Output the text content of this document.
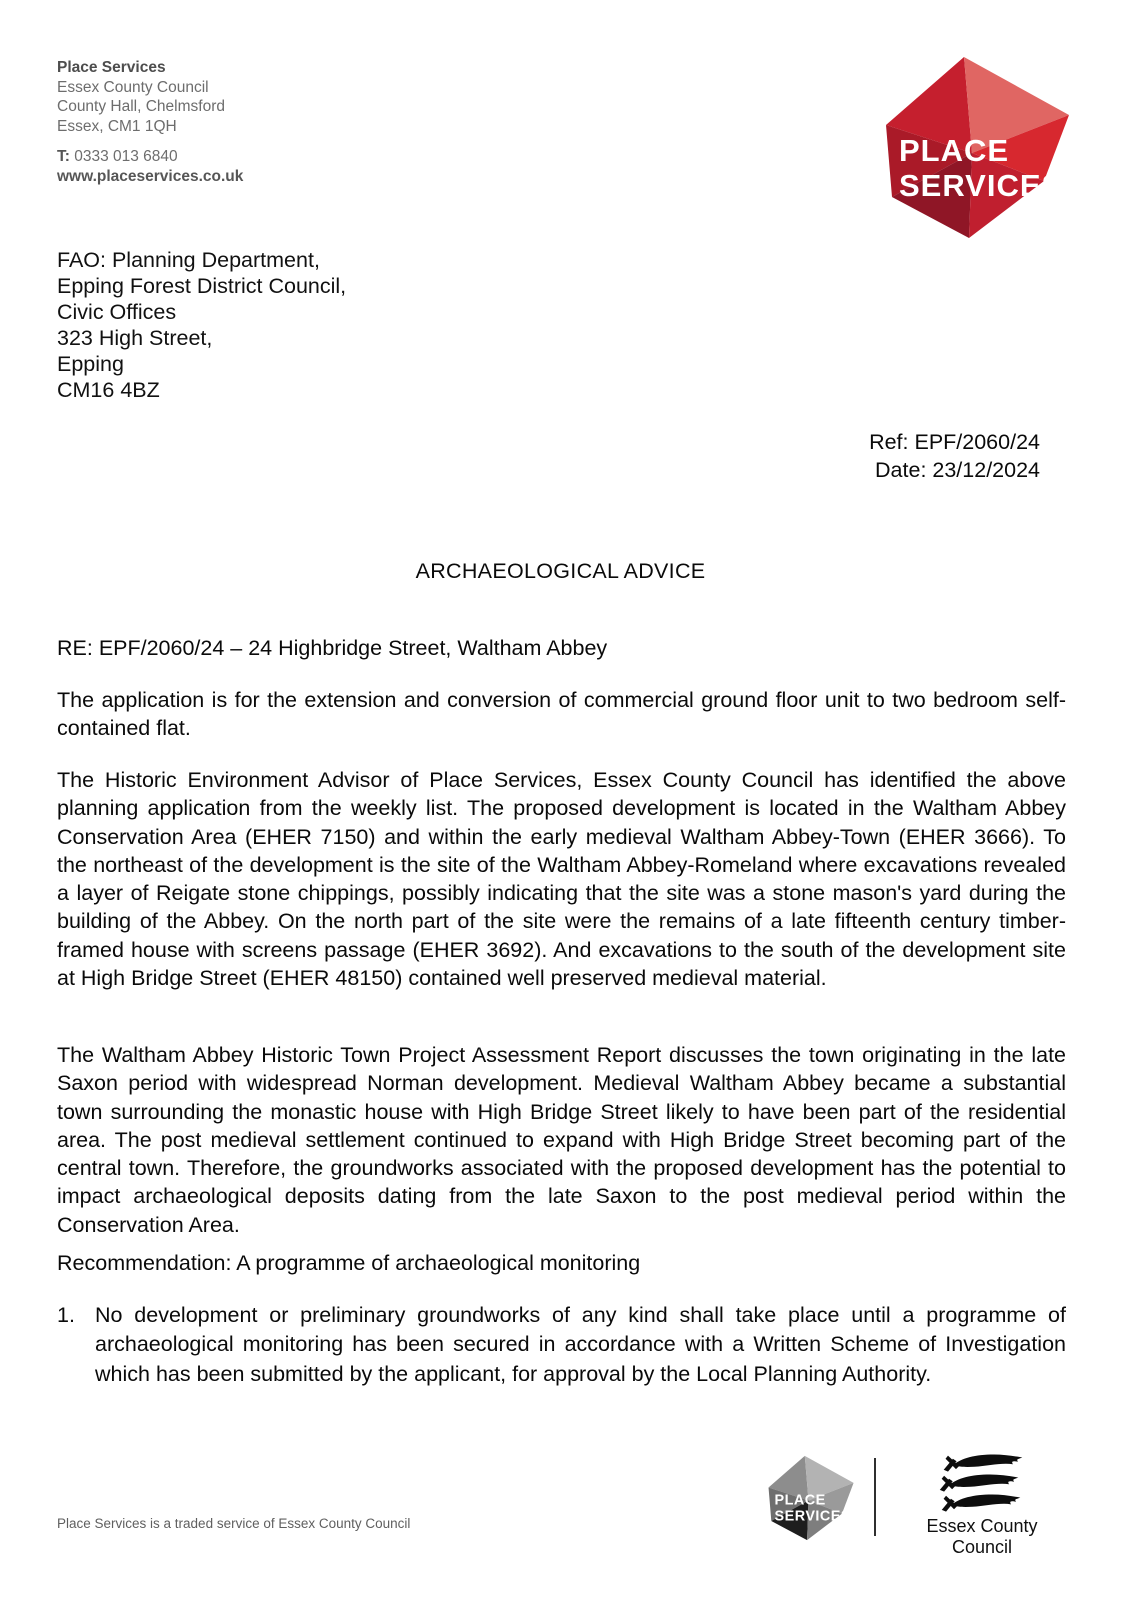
Place Services
Essex County Council
County Hall, Chelmsford
Essex, CM1 1QH
T: 0333 013 6840
www.placeservices.co.uk
PLACE
SERVICES
FAO: Planning Department,
Epping Forest District Council,
Civic Offices
323 High Street,
Epping
CM16 4BZ
Ref: EPF/2060/24
Date: 23/12/2024
ARCHAEOLOGICAL ADVICE
RE: EPF/2060/24 – 24 Highbridge Street, Waltham Abbey
The application is for the extension and conversion of commercial ground floor unit to two bedroom self-contained flat.
The Historic Environment Advisor of Place Services, Essex County Council has identified the above planning application from the weekly list. The proposed development is located in the Waltham Abbey Conservation Area (EHER 7150) and within the early medieval Waltham Abbey-Town (EHER 3666). To the northeast of the development is the site of the Waltham Abbey-Romeland where excavations revealed a layer of Reigate stone chippings, possibly indicating that the site was a stone mason's yard during the building of the Abbey. On the north part of the site were the remains of a late fifteenth century timber-framed house with screens passage (EHER 3692). And excavations to the south of the development site at High Bridge Street (EHER 48150) contained well preserved medieval material.
The Waltham Abbey Historic Town Project Assessment Report discusses the town originating in the late Saxon period with widespread Norman development. Medieval Waltham Abbey became a substantial town surrounding the monastic house with High Bridge Street likely to have been part of the residential area. The post medieval settlement continued to expand with High Bridge Street becoming part of the central town. Therefore, the groundworks associated with the proposed development has the potential to impact archaeological deposits dating from the late Saxon to the post medieval period within the Conservation Area.
Recommendation: A programme of archaeological monitoring
1. No development or preliminary groundworks of any kind shall take place until a programme of archaeological monitoring has been secured in accordance with a Written Scheme of Investigation which has been submitted by the applicant, for approval by the Local Planning Authority.
Place Services is a traded service of Essex County Council
PLACE
SERVICES	Essex County Council
